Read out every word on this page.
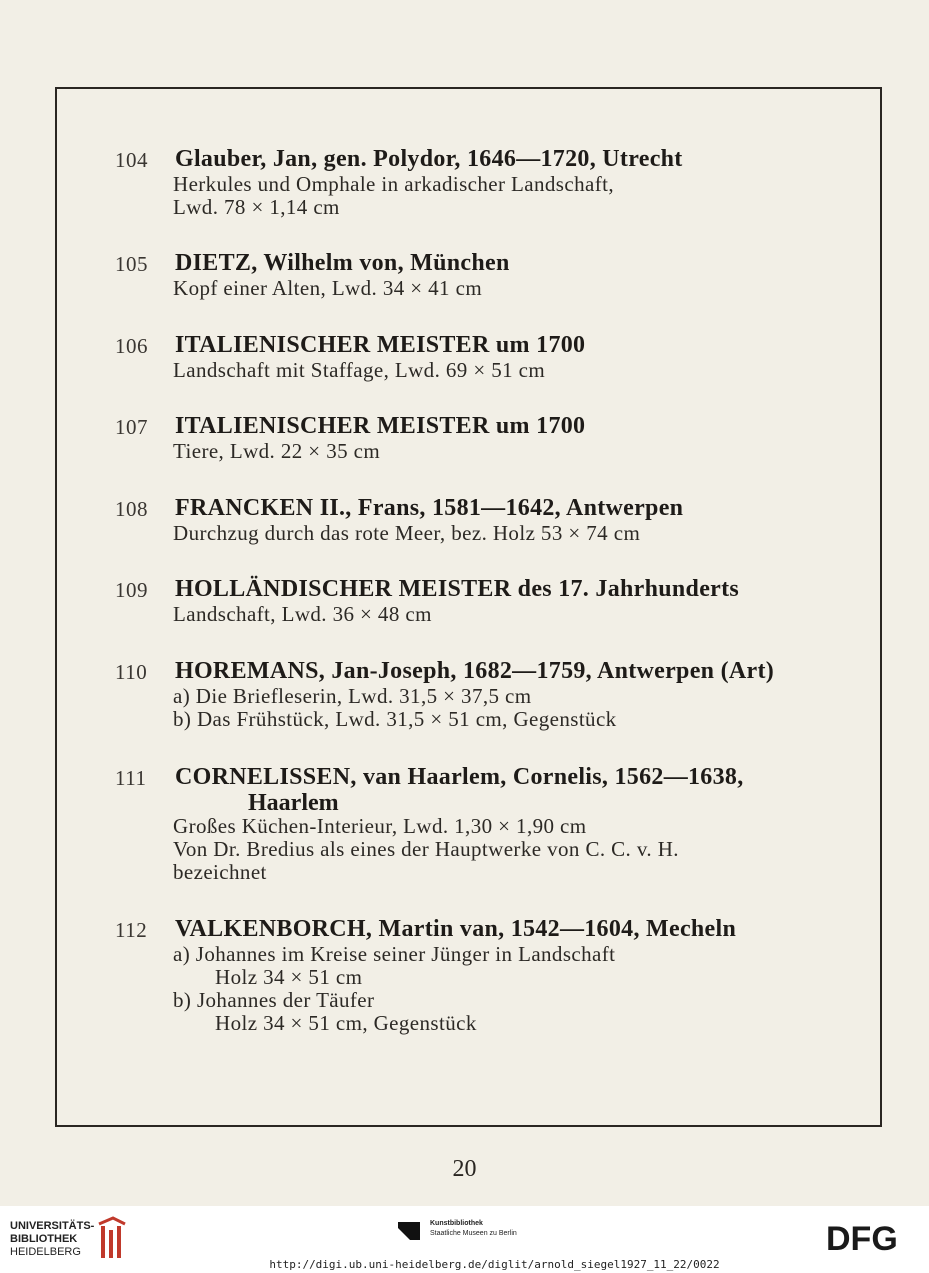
104 Glauber, Jan, gen. Polydor, 1646—1720, Utrecht
Herkules und Omphale in arkadischer Landschaft,
Lwd. 78 × 1,14 cm
105 DIETZ, Wilhelm von, München
Kopf einer Alten, Lwd. 34 × 41 cm
106 ITALIENISCHER MEISTER um 1700
Landschaft mit Staffage, Lwd. 69 × 51 cm
107 ITALIENISCHER MEISTER um 1700
Tiere, Lwd. 22 × 35 cm
108 FRANCKEN II., Frans, 1581—1642, Antwerpen
Durchzug durch das rote Meer, bez. Holz 53 × 74 cm
109 HOLLÄNDISCHER MEISTER des 17. Jahrhunderts
Landschaft, Lwd. 36 × 48 cm
110 HOREMANS, Jan-Joseph, 1682—1759, Antwerpen (Art)
a) Die Briefleserin, Lwd. 31,5 × 37,5 cm
b) Das Frühstück, Lwd. 31,5 × 51 cm, Gegenstück
111 CORNELISSEN, van Haarlem, Cornelis, 1562—1638,
Haarlem
Großes Küchen-Interieur, Lwd. 1,30 × 1,90 cm
Von Dr. Bredius als eines der Hauptwerke von C. C. v. H.
bezeichnet
112 VALKENBORCH, Martin van, 1542—1604, Mecheln
a) Johannes im Kreise seiner Jünger in Landschaft
Holz 34 × 51 cm
b) Johannes der Täufer
Holz 34 × 51 cm, Gegenstück
20
UNIVERSITÄTS-
BIBLIOTHEK
HEIDELBERG
Kunstbibliothek
Staatliche Museen zu Berlin	DFG
http://digi.ub.uni-heidelberg.de/diglit/arnold_siegel1927_11_22/0022
